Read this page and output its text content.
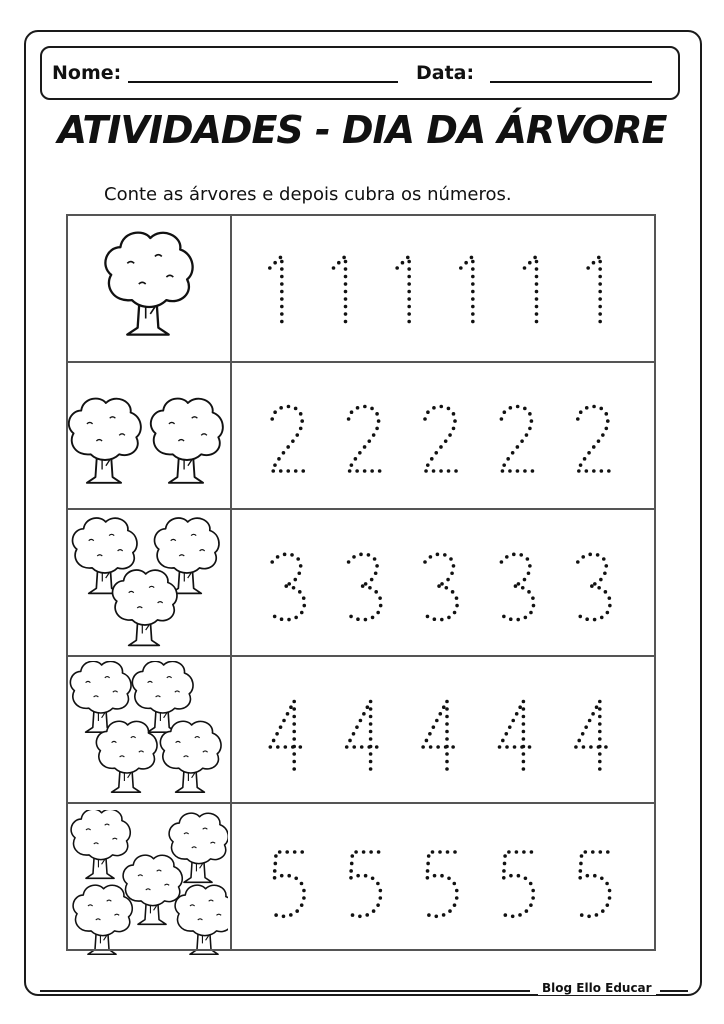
Nome:	Data:
ATIVIDADES - DIA DA ÁRVORE
Conte as árvores e depois cubra os números.
Blog Ello Educar
